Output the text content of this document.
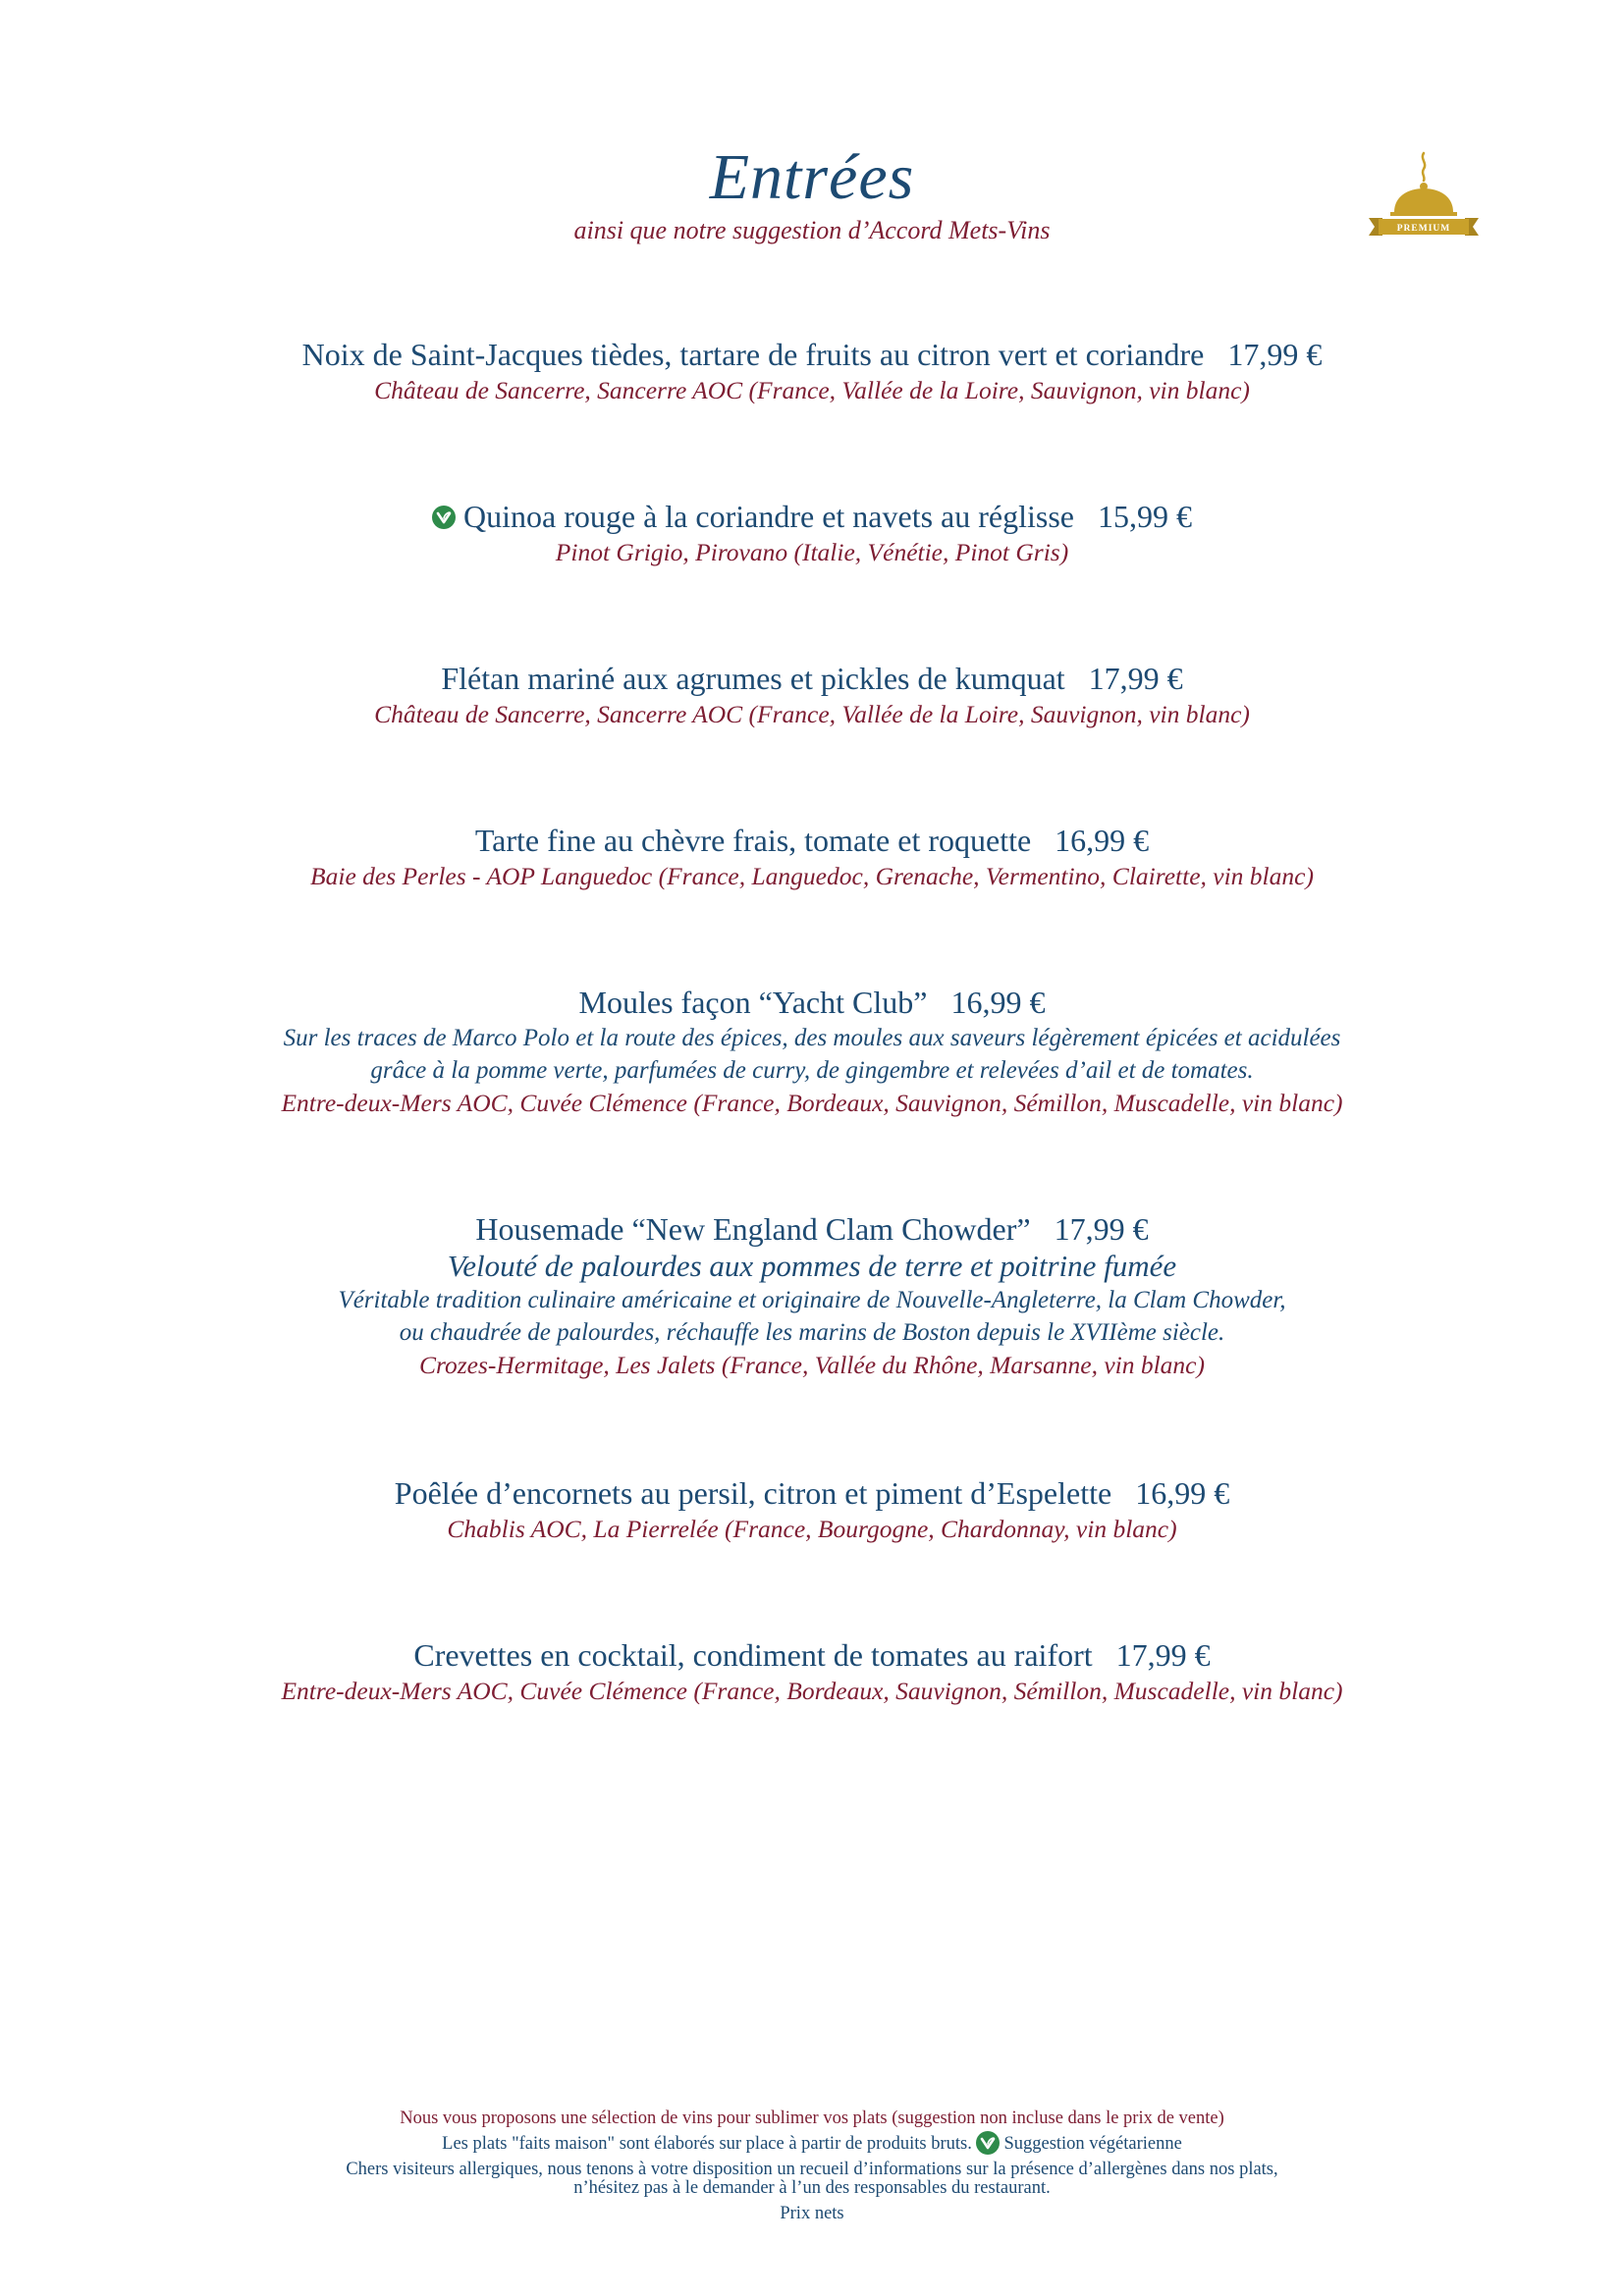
Entrées
ainsi que notre suggestion d’Accord Mets-Vins	PREMIUM
Noix de Saint-Jacques tièdes, tartare de fruits au citron vert et coriandre 17,99 €
Château de Sancerre, Sancerre AOC (France, Vallée de la Loire, Sauvignon, vin blanc)
Quinoa rouge à la coriandre et navets au réglisse 15,99 €
Pinot Grigio, Pirovano (Italie, Vénétie, Pinot Gris)
Flétan mariné aux agrumes et pickles de kumquat 17,99 €
Château de Sancerre, Sancerre AOC (France, Vallée de la Loire, Sauvignon, vin blanc)
Tarte fine au chèvre frais, tomate et roquette 16,99 €
Baie des Perles - AOP Languedoc (France, Languedoc, Grenache, Vermentino, Clairette, vin blanc)
Moules façon “Yacht Club” 16,99 €
Sur les traces de Marco Polo et la route des épices, des moules aux saveurs légèrement épicées et acidulées
grâce à la pomme verte, parfumées de curry, de gingembre et relevées d’ail et de tomates.
Entre-deux-Mers AOC, Cuvée Clémence (France, Bordeaux, Sauvignon, Sémillon, Muscadelle, vin blanc)
Housemade “New England Clam Chowder” 17,99 €
Velouté de palourdes aux pommes de terre et poitrine fumée
Véritable tradition culinaire américaine et originaire de Nouvelle-Angleterre, la Clam Chowder,
ou chaudrée de palourdes, réchauffe les marins de Boston depuis le XVIIème siècle.
Crozes-Hermitage, Les Jalets (France, Vallée du Rhône, Marsanne, vin blanc)
Poêlée d’encornets au persil, citron et piment d’Espelette 16,99 €
Chablis AOC, La Pierrelée (France, Bourgogne, Chardonnay, vin blanc)
Crevettes en cocktail, condiment de tomates au raifort 17,99 €
Entre-deux-Mers AOC, Cuvée Clémence (France, Bordeaux, Sauvignon, Sémillon, Muscadelle, vin blanc)
Nous vous proposons une sélection de vins pour sublimer vos plats (suggestion non incluse dans le prix de vente)
Les plats "faits maison" sont élaborés sur place à partir de produits bruts. Suggestion végétarienne
Chers visiteurs allergiques, nous tenons à votre disposition un recueil d’informations sur la présence d’allergènes dans nos plats,
n’hésitez pas à le demander à l’un des responsables du restaurant.
Prix nets
